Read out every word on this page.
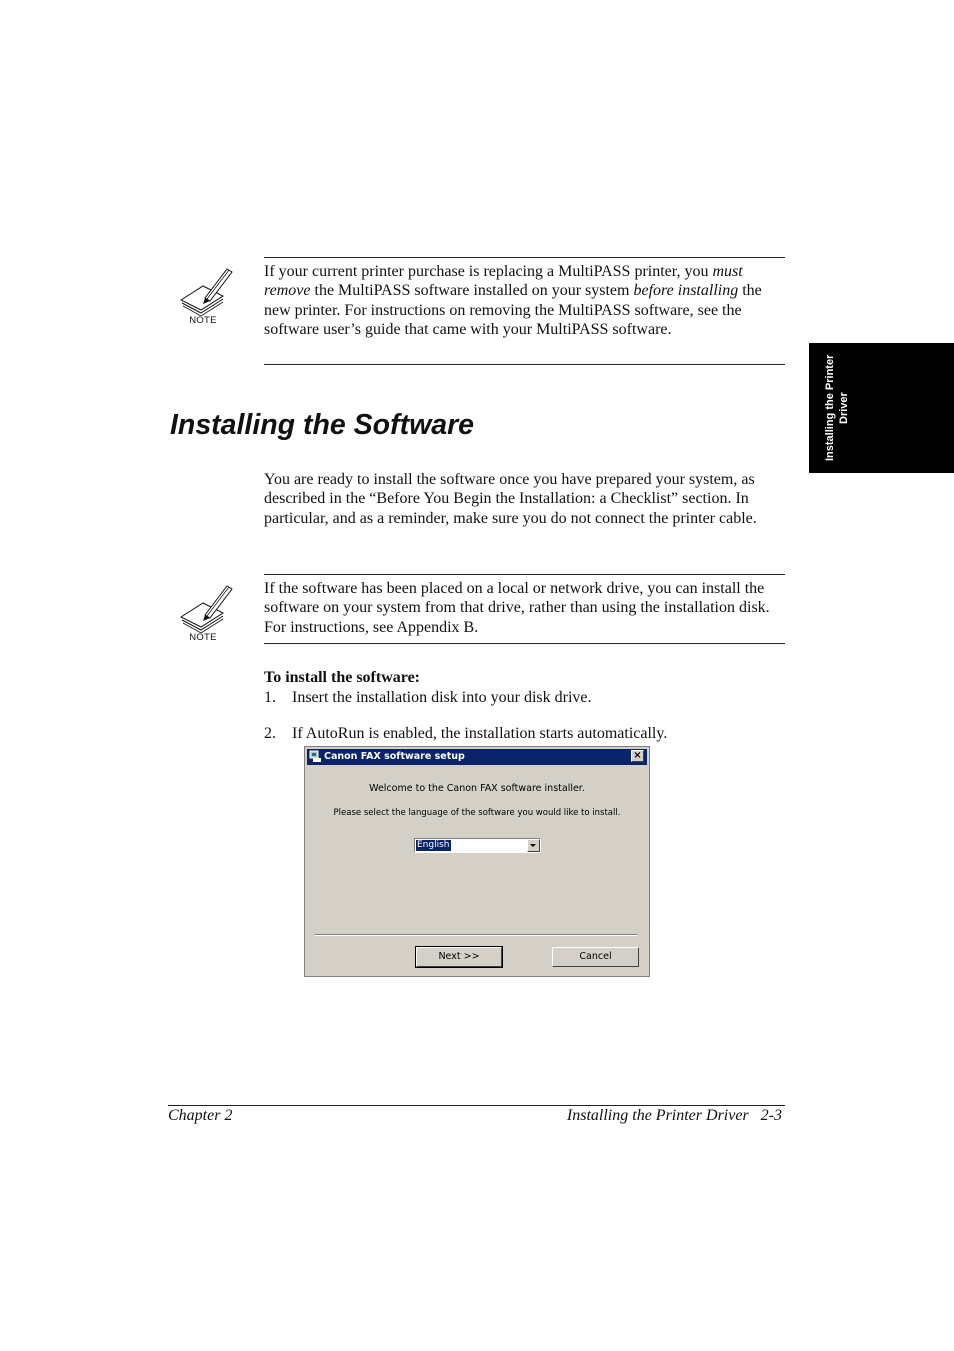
NOTE
If your current printer purchase is replacing a MultiPASS printer, you must remove the MultiPASS software installed on your system before installing the new printer. For instructions on removing the MultiPASS software, see the software user’s guide that came with your MultiPASS software.
Installing the Printer Driver
Installing the Software
You are ready to install the software once you have prepared your system, as described in the “Before You Begin the Installation: a Checklist” section. In particular, and as a reminder, make sure you do not connect the printer cable.
NOTE
If the software has been placed on a local or network drive, you can install the software on your system from that drive, rather than using the installation disk. For instructions, see Appendix B.
To install the software:
1. Insert the installation disk into your disk drive.
2. If AutoRun is enabled, the installation starts automatically.
Canon FAX software setup	×
Welcome to the Canon FAX software installer.
Please select the language of the software you would like to install.
English
Next >>	Cancel
Chapter 2	Installing the Printer Driver   2-3
